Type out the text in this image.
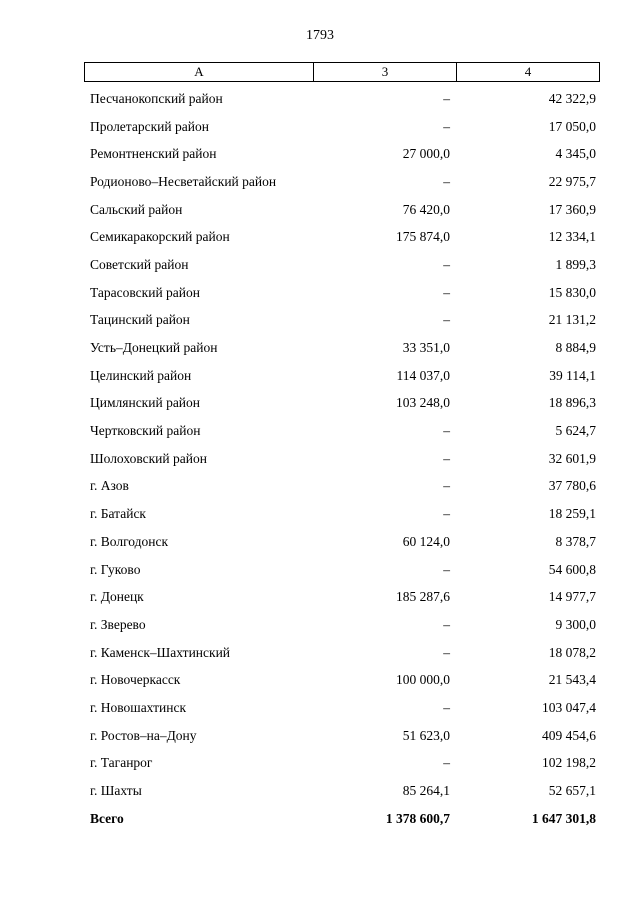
1793
А	3	4
Песчанокопский район	–	42 322,9
Пролетарский район	–	17 050,0
Ремонтненский район	27 000,0	4 345,0
Родионово–Несветайский район	–	22 975,7
Сальский район	76 420,0	17 360,9
Семикаракорский район	175 874,0	12 334,1
Советский район	–	1 899,3
Тарасовский район	–	15 830,0
Тацинский район	–	21 131,2
Усть–Донецкий район	33 351,0	8 884,9
Целинский район	114 037,0	39 114,1
Цимлянский район	103 248,0	18 896,3
Чертковский район	–	5 624,7
Шолоховский район	–	32 601,9
г. Азов	–	37 780,6
г. Батайск	–	18 259,1
г. Волгодонск	60 124,0	8 378,7
г. Гуково	–	54 600,8
г. Донецк	185 287,6	14 977,7
г. Зверево	–	9 300,0
г. Каменск–Шахтинский	–	18 078,2
г. Новочеркасск	100 000,0	21 543,4
г. Новошахтинск	–	103 047,4
г. Ростов–на–Дону	51 623,0	409 454,6
г. Таганрог	–	102 198,2
г. Шахты	85 264,1	52 657,1
Всего	1 378 600,7	1 647 301,8
